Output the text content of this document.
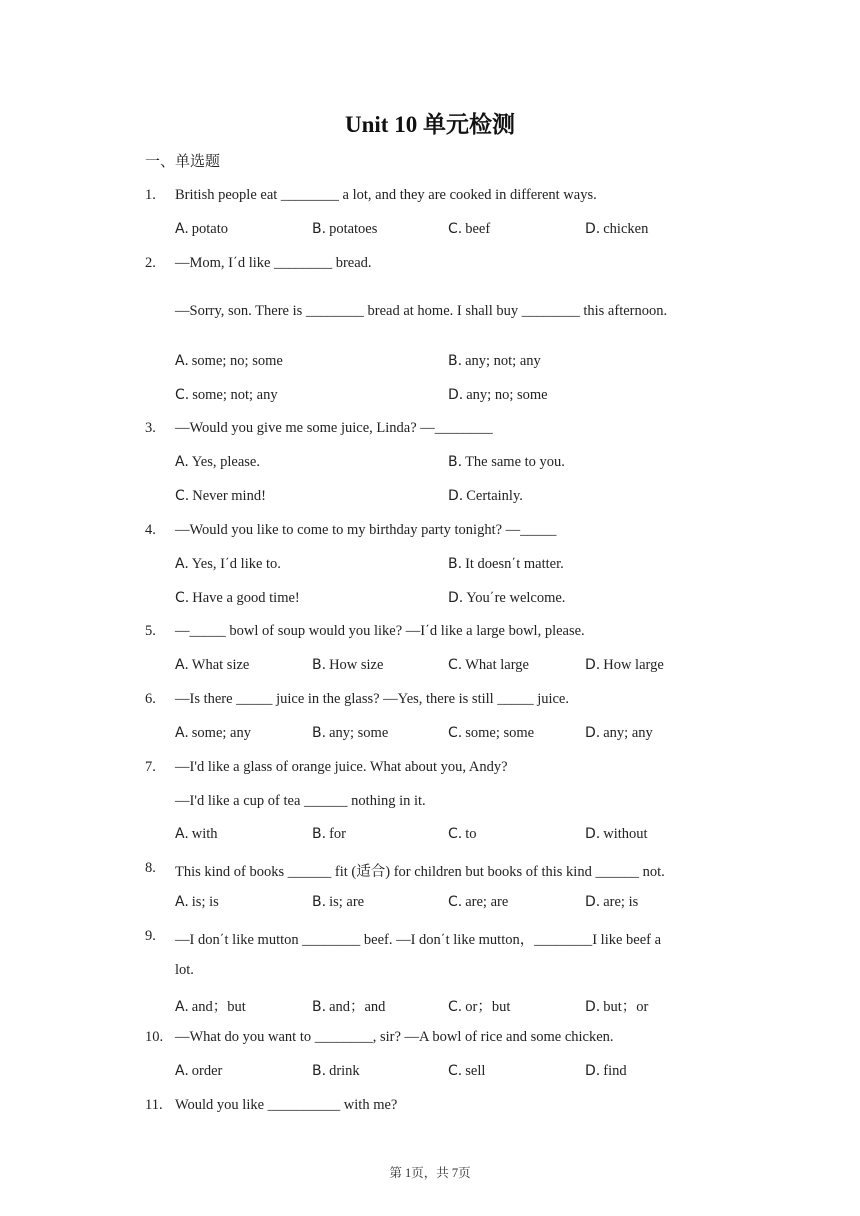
Unit 10 单元检测
一、单选题
1. British people eat ________ a lot, and they are cooked in different ways.
A. potato	B. potatoes	C. beef	D. chicken
2. —Mom, I΄d like ________ bread.
—Sorry, son. There is ________ bread at home. I shall buy ________ this afternoon.
A. some; no; some	B. any; not; any
C. some; not; any	D. any; no; some
3. —Would you give me some juice, Linda? —________
A. Yes, please.	B. The same to you.
C. Never mind!	D. Certainly.
4. —Would you like to come to my birthday party tonight? —_____
A. Yes, I΄d like to.	B. It doesn΄t matter.
C. Have a good time!	D. You΄re welcome.
5. —_____ bowl of soup would you like? —I΄d like a large bowl, please.
A. What size	B. How size	C. What large	D. How large
6. —Is there _____ juice in the glass? —Yes, there is still _____ juice.
A. some; any	B. any; some	C. some; some	D. any; any
7. —I'd like a glass of orange juice. What about you, Andy?
—I'd like a cup of tea ______ nothing in it.
A. with	B. for	C. to	D. without
8. This kind of books ______ fit (适合) for children but books of this kind ______ not.
A. is; is	B. is; are	C. are; are	D. are; is
9. —I don΄t like mutton ________ beef. —I don΄t like mutton，________I like beef a
lot.
A. and；but	B. and；and	C. or；but	D. but；or
10. —What do you want to ________, sir? —A bowl of rice and some chicken.
A. order	B. drink	C. sell	D. find
11. Would you like __________ with me?
第 1页，共 7页
